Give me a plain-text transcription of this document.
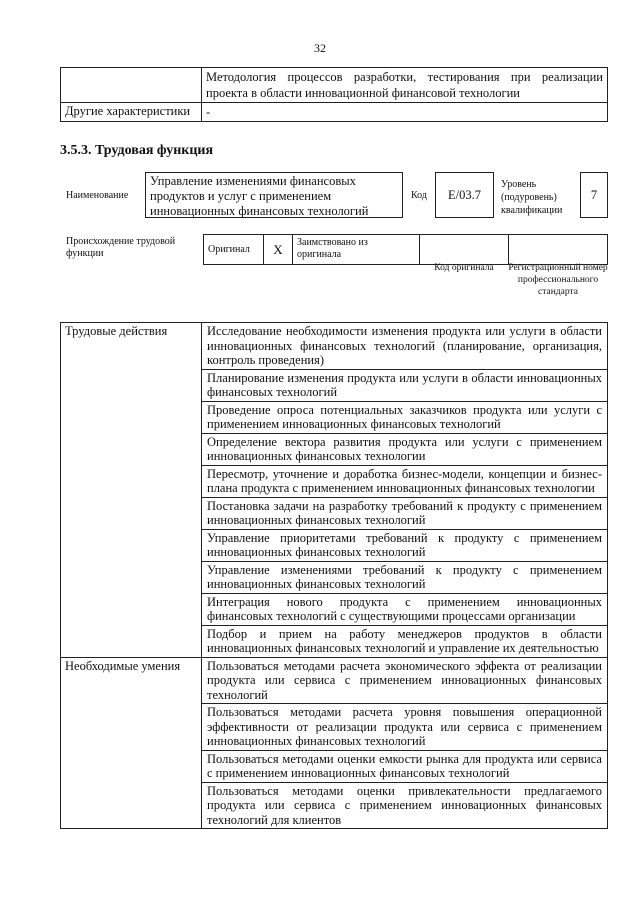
32
	Методология процессов разработки, тестирования при реализации проекта в области инновационной финансовой технологии
Другие характеристики	-
3.5.3. Трудовая функция
Наименование
Управление изменениями финансовых продуктов и услуг с применением инновационных финансовых технологий
Код	E/03.7
Уровень (подуровень) квалификации
7
Происхождение трудовой функции	Оригинал	X	Заимствовано из оригинала
Код оригинала	Регистрационный номер профессионального стандарта
Трудовые действия	Исследование необходимости изменения продукта или услуги в области инновационных финансовых технологий (планирование, организация, контроль проведения)
	Планирование изменения продукта или услуги в области инновационных финансовых технологий
	Проведение опроса потенциальных заказчиков продукта или услуги с применением инновационных финансовых технологий
	Определение вектора развития продукта или услуги с применением инновационных финансовых технологии
	Пересмотр, уточнение и доработка бизнес-модели, концепции и бизнес-плана продукта с применением инновационных финансовых технологии
	Постановка задачи на разработку требований к продукту с применением инновационных финансовых технологий
	Управление приоритетами требований к продукту с применением инновационных финансовых технологий
	Управление изменениями требований к продукту с применением инновационных финансовых технологий
	Интеграция нового продукта с применением инновационных финансовых технологий с существующими процессами организации
	Подбор и прием на работу менеджеров продуктов в области инновационных финансовых технологий и управление их деятельностью
Необходимые умения	Пользоваться методами расчета экономического эффекта от реализации продукта или сервиса с применением инновационных финансовых технологий
	Пользоваться методами расчета уровня повышения операционной эффективности от реализации продукта или сервиса с применением инновационных финансовых технологий
	Пользоваться методами оценки емкости рынка для продукта или сервиса с применением инновационных финансовых технологий
	Пользоваться методами оценки привлекательности предлагаемого продукта или сервиса с применением инновационных финансовых технологий для клиентов
